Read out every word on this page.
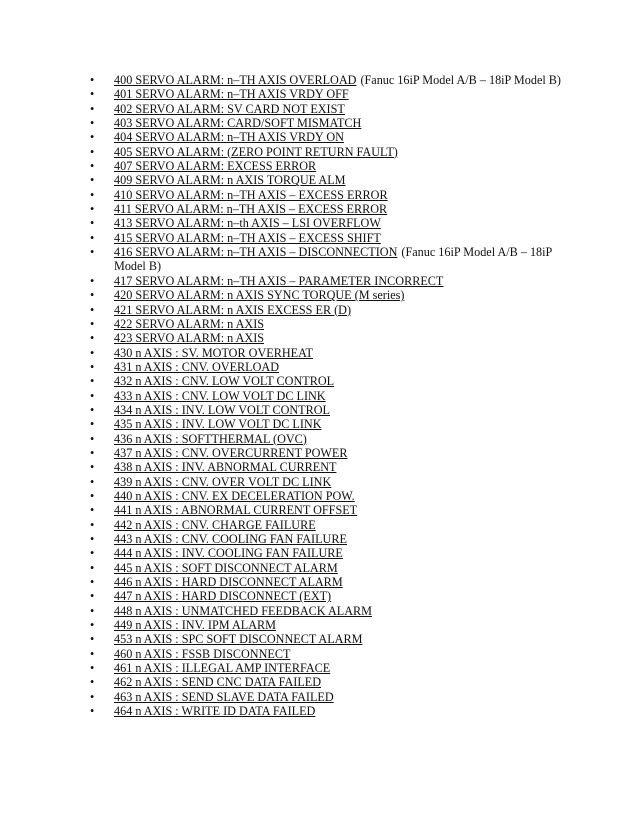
•	400 SERVO ALARM: n–TH AXIS OVERLOAD (Fanuc 16iP Model A/B – 18iP Model B)
•	401 SERVO ALARM: n–TH AXIS VRDY OFF
•	402 SERVO ALARM: SV CARD NOT EXIST
•	403 SERVO ALARM: CARD/SOFT MISMATCH
•	404 SERVO ALARM: n–TH AXIS VRDY ON
•	405 SERVO ALARM: (ZERO POINT RETURN FAULT)
•	407 SERVO ALARM: EXCESS ERROR
•	409 SERVO ALARM: n AXIS TORQUE ALM
•	410 SERVO ALARM: n–TH AXIS – EXCESS ERROR
•	411 SERVO ALARM: n–TH AXIS – EXCESS ERROR
•	413 SERVO ALARM: n–th AXIS – LSI OVERFLOW
•	415 SERVO ALARM: n–TH AXIS – EXCESS SHIFT
•	416 SERVO ALARM: n–TH AXIS – DISCONNECTION (Fanuc 16iP Model A/B – 18iP Model B)
•	417 SERVO ALARM: n–TH AXIS – PARAMETER INCORRECT
•	420 SERVO ALARM: n AXIS SYNC TORQUE (M series)
•	421 SERVO ALARM: n AXIS EXCESS ER (D)
•	422 SERVO ALARM: n AXIS
•	423 SERVO ALARM: n AXIS
•	430 n AXIS : SV. MOTOR OVERHEAT
•	431 n AXIS : CNV. OVERLOAD
•	432 n AXIS : CNV. LOW VOLT CONTROL
•	433 n AXIS : CNV. LOW VOLT DC LINK
•	434 n AXIS : INV. LOW VOLT CONTROL
•	435 n AXIS : INV. LOW VOLT DC LINK
•	436 n AXIS : SOFTTHERMAL (OVC)
•	437 n AXIS : CNV. OVERCURRENT POWER
•	438 n AXIS : INV. ABNORMAL CURRENT
•	439 n AXIS : CNV. OVER VOLT DC LINK
•	440 n AXIS : CNV. EX DECELERATION POW.
•	441 n AXIS : ABNORMAL CURRENT OFFSET
•	442 n AXIS : CNV. CHARGE FAILURE
•	443 n AXIS : CNV. COOLING FAN FAILURE
•	444 n AXIS : INV. COOLING FAN FAILURE
•	445 n AXIS : SOFT DISCONNECT ALARM
•	446 n AXIS : HARD DISCONNECT ALARM
•	447 n AXIS : HARD DISCONNECT (EXT)
•	448 n AXIS : UNMATCHED FEEDBACK ALARM
•	449 n AXIS : INV. IPM ALARM
•	453 n AXIS : SPC SOFT DISCONNECT ALARM
•	460 n AXIS : FSSB DISCONNECT
•	461 n AXIS : ILLEGAL AMP INTERFACE
•	462 n AXIS : SEND CNC DATA FAILED
•	463 n AXIS : SEND SLAVE DATA FAILED
•	464 n AXIS : WRITE ID DATA FAILED
